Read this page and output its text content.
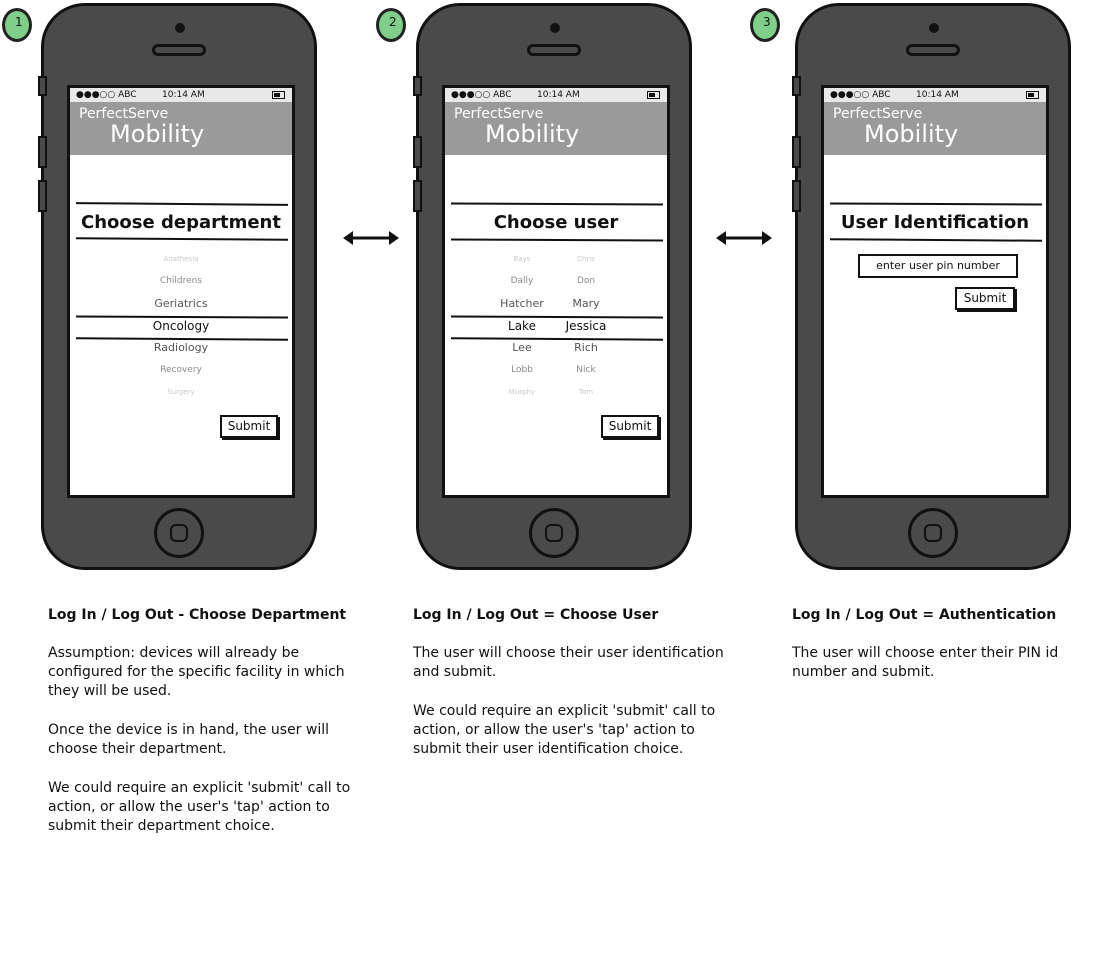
1
●●●○○ ABC	10:14 AM
PerfectServe
Mobility
Choose department
Anathesia
Childrens
Geriatrics
Oncology
Radiology
Recovery
Surgery
Submit
2
●●●○○ ABC	10:14 AM
PerfectServe
Mobility
Choose user
Bays	Chris
Dally	Don
Hatcher	Mary
Lake	Jessica
Lee	Rich
Lobb	Nick
Murphy	Tom
Submit
3
●●●○○ ABC	10:14 AM
PerfectServe
Mobility
User Identification
enter user pin number
Submit
Log In / Log Out - Choose Department

Assumption: devices will already be configured for the specific facility in which they will be used.

Once the device is in hand, the user will choose their department.

We could require an explicit 'submit' call to action, or allow the user's 'tap' action to submit their department choice.

Log In / Log Out = Choose User

The user will choose their user identification and submit.

We could require an explicit 'submit' call to action, or allow the user's 'tap' action to submit their user identification choice.

Log In / Log Out = Authentication

The user will choose enter their PIN id number and submit.
